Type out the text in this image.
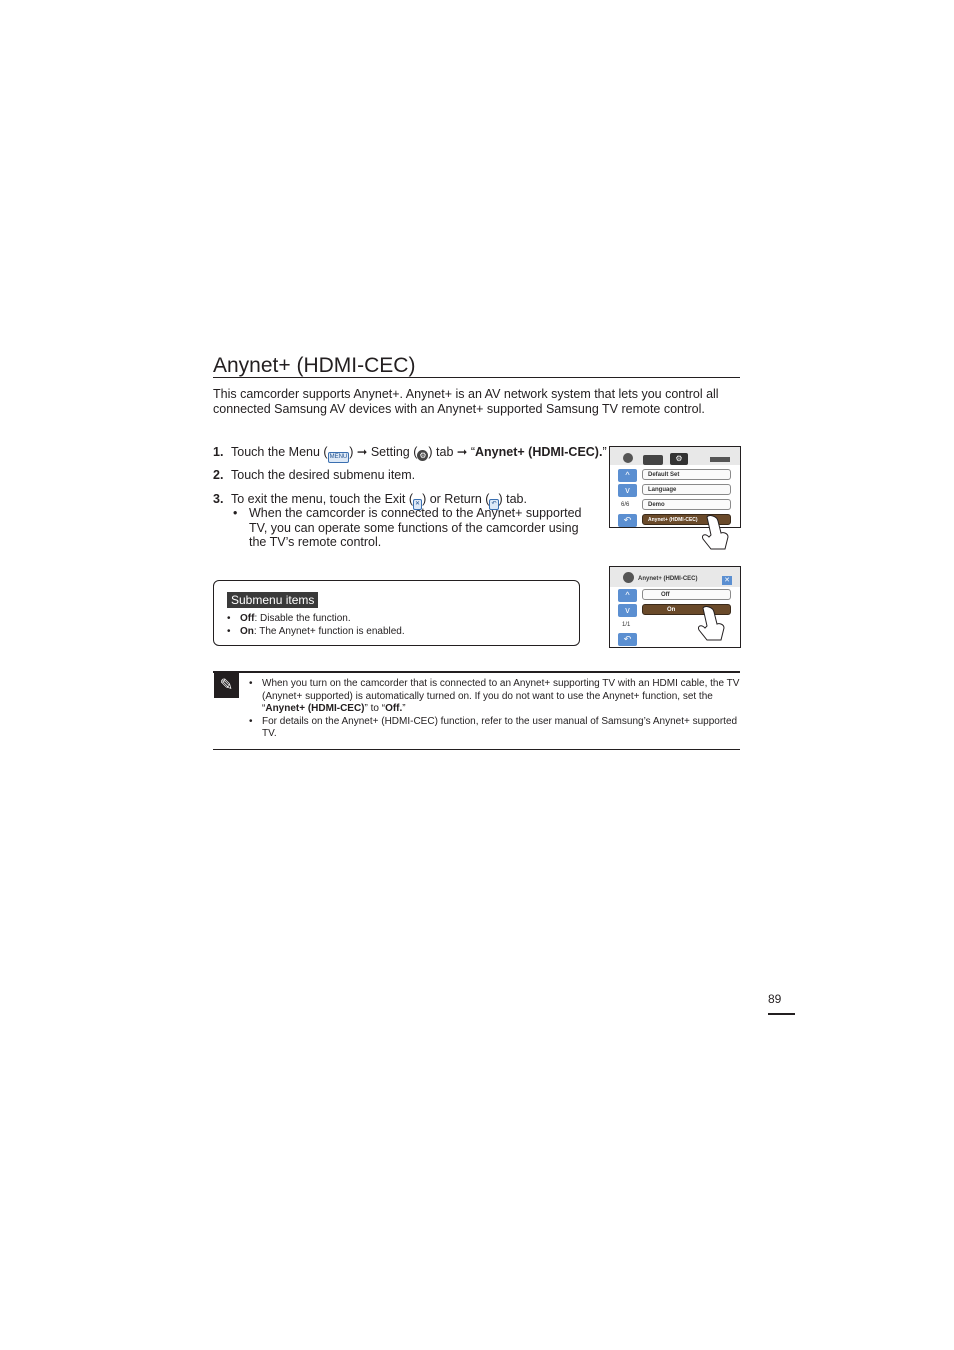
Anynet+ (HDMI-CEC)
This camcorder supports Anynet+. Anynet+ is an AV network system that lets you control all connected Samsung AV devices with an Anynet+ supported Samsung TV remote control.
1. Touch the Menu ( MENU ) ➞ Setting ( ⚙ ) tab ➞ “Anynet+ (HDMI-CEC).”
2. Touch the desired submenu item.
3. To exit the menu, touch the Exit ( ✕ ) or Return ( ↶ ) tab.
• When the camcorder is connected to the Anynet+ supported TV, you can operate some functions of the camcorder using the TV’s remote control.
Submenu items
• Off: Disable the function.
• On: The Anynet+ function is enabled.
⚙
^
v
6/6
↶
Default Set
Language
Demo
Anynet+ (HDMI-CEC)
Anynet+ (HDMI-CEC)	✕
^
v
1/1
↶
Off
On
✎
•	When you turn on the camcorder that is connected to an Anynet+ supporting TV with an HDMI cable, the TV (Anynet+ supported) is automatically turned on. If you do not want to use the Anynet+ function, set the “Anynet+ (HDMI-CEC)” to “Off.”
• For details on the Anynet+ (HDMI-CEC) function, refer to the user manual of Samsung’s Anynet+ supported TV.
89
